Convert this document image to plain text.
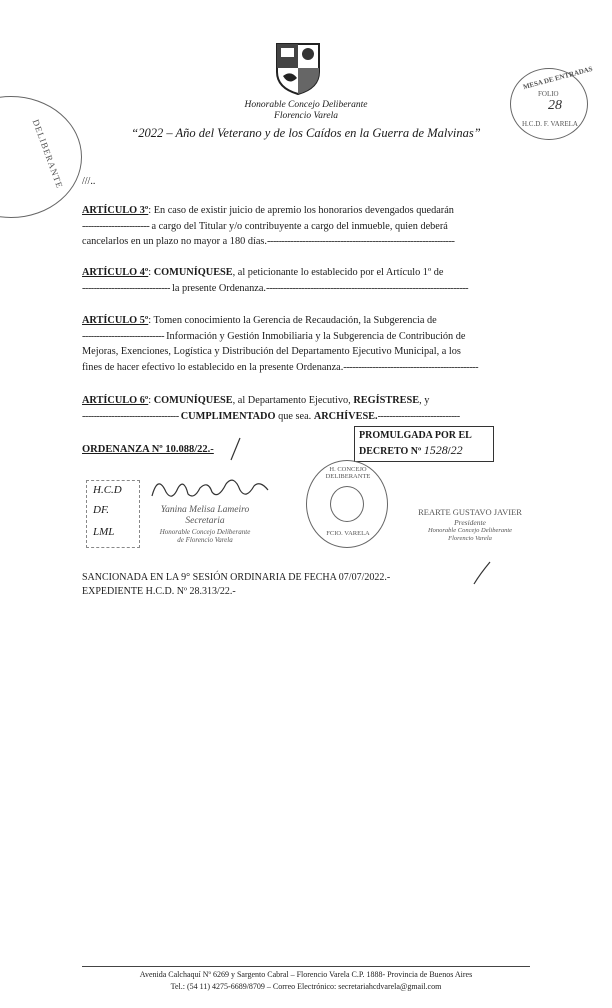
Honorable Concejo Deliberante
Florencio Varela
“2022 – Año del Veterano y de los Caídos en la Guerra de Malvinas”
DELIBERANTE
MESA DE ENTRADAS
FOLIO
28
H.C.D. F. VARELA
///..
ARTÍCULO 3º: En caso de existir juicio de apremio los honorarios devengados quedarán
----------------------- a cargo del Titular y/o contribuyente a cargo del inmueble, quien deberá
cancelarlos en un plazo no mayor a 180 días.----------------------------------------------------------------
ARTÍCULO 4º: COMUNÍQUESE, al peticionante lo establecido por el Artículo 1º de
------------------------------ la presente Ordenanza.---------------------------------------------------------------------
ARTÍCULO 5º: Tomen conocimiento la Gerencia de Recaudación, la Subgerencia de
---------------------------- Información y Gestión Inmobiliaria y la Subgerencia de Contribución de
Mejoras, Exenciones, Logística y Distribución del Departamento Ejecutivo Municipal, a los
fines de hacer efectivo lo establecido en la presente Ordenanza.----------------------------------------------
ARTÍCULO 6º: COMUNÍQUESE, al Departamento Ejecutivo, REGÍSTRESE, y
--------------------------------- CUMPLIMENTADO que sea. ARCHÍVESE.----------------------------
ORDENANZA Nº 10.088/22.-
PROMULGADA POR EL
DECRETO Nº 1528/22
H.C.D
DF.
LML
Yanina Melisa Lameiro
Secretaria
Honorable Concejo Deliberante
de Florencio Varela
H. CONCEJO DELIBERANTE
FCIO. VARELA
REARTE GUSTAVO JAVIER
Presidente
Honorable Concejo Deliberante
Florencio Varela
SANCIONADA EN LA 9° SESIÓN ORDINARIA DE FECHA 07/07/2022.-
EXPEDIENTE H.C.D. Nº 28.313/22.-
Avenida Calchaquí Nº 6269 y Sargento Cabral – Florencio Varela C.P. 1888- Provincia de Buenos Aires
Tel.: (54 11) 4275-6689/8709 – Correo Electrónico: secretariahcdvarela@gmail.com
